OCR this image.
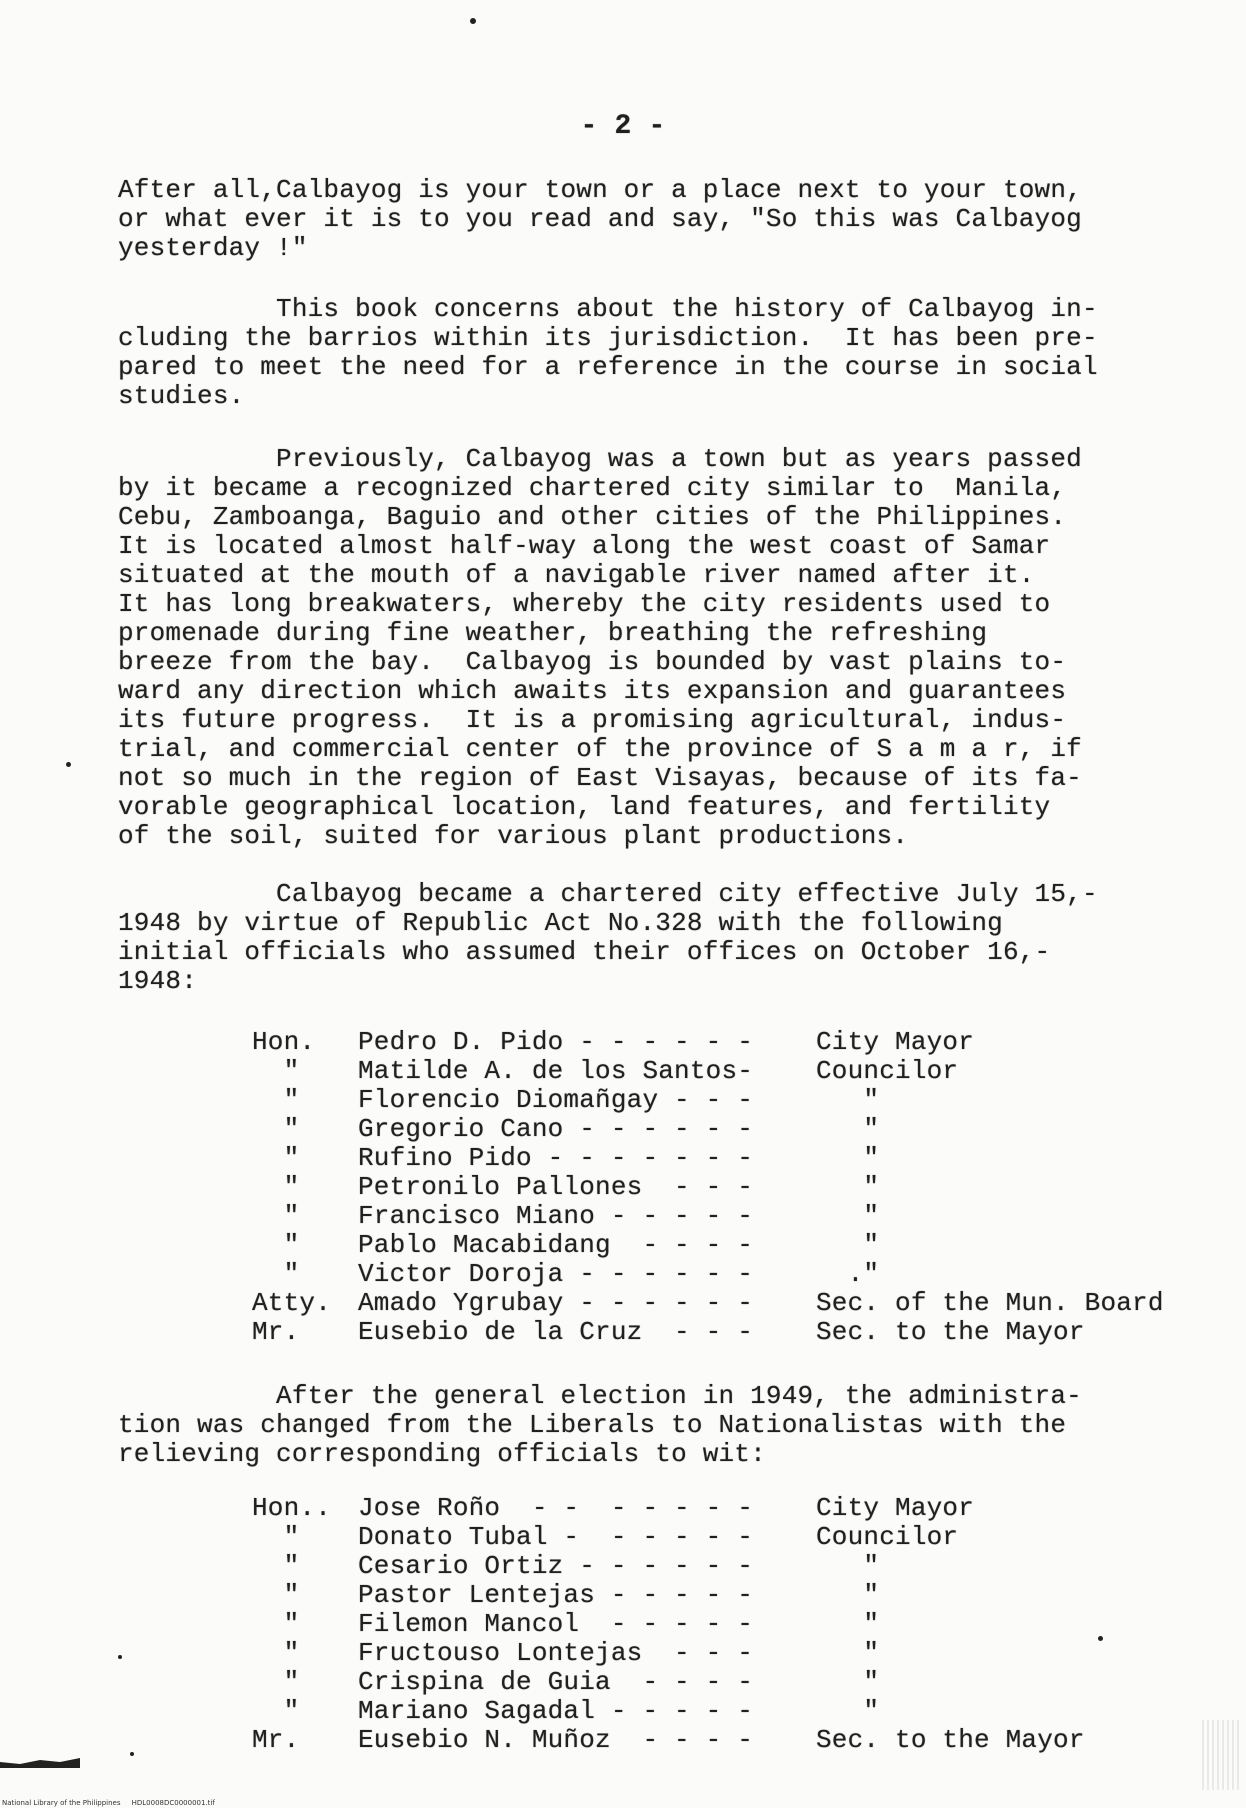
- 2 -
After all,Calbayog is your town or a place next to your town,
or what ever it is to you read and say, "So this was Calbayog
yesterday !"
This book concerns about the history of Calbayog in-
cluding the barrios within its jurisdiction.  It has been pre-
pared to meet the need for a reference in the course in social
studies.
Previously, Calbayog was a town but as years passed
by it became a recognized chartered city similar to  Manila,
Cebu, Zamboanga, Baguio and other cities of the Philippines.
It is located almost half-way along the west coast of Samar
situated at the mouth of a navigable river named after it.
It has long breakwaters, whereby the city residents used to
promenade during fine weather, breathing the refreshing
breeze from the bay.  Calbayog is bounded by vast plains to-
ward any direction which awaits its expansion and guarantees
its future progress.  It is a promising agricultural, indus-
trial, and commercial center of the province of S a m a r, if
not so much in the region of East Visayas, because of its fa-
vorable geographical location, land features, and fertility
of the soil, suited for various plant productions.
Calbayog became a chartered city effective July 15,-
1948 by virtue of Republic Act No.328 with the following
initial officials who assumed their offices on October 16,-
1948:
Hon.	Pedro D. Pido - - - - - -	City Mayor
"	Matilde A. de los Santos-	Councilor
"	Florencio Diomañgay - - -	"
"	Gregorio Cano - - - - - -	"
"	Rufino Pido - - - - - - -	"
"	Petronilo Pallones  - - -	"
"	Francisco Miano - - - - -	"
"	Pablo Macabidang  - - - -	"
"	Victor Doroja - - - - - -	."
Atty.	Amado Ygrubay - - - - - -	Sec. of the Mun. Board
Mr.	Eusebio de la Cruz  - - -	Sec. to the Mayor
After the general election in 1949, the administra-
tion was changed from the Liberals to Nationalistas with the
relieving corresponding officials to wit:
Hon..	Jose Roño  - -  - - - - -	City Mayor
"	Donato Tubal -  - - - - -	Councilor
"	Cesario Ortiz - - - - - -	"
"	Pastor Lentejas - - - - -	"
"	Filemon Mancol  - - - - -	"
"	Fructouso Lontejas  - - -	"
"	Crispina de Guia  - - - -	"
"	Mariano Sagadal - - - - -	"
Mr.	Eusebio N. Muñoz  - - - -	Sec. to the Mayor
National Library of the Philippines     HDL0008DC0000001.tif
